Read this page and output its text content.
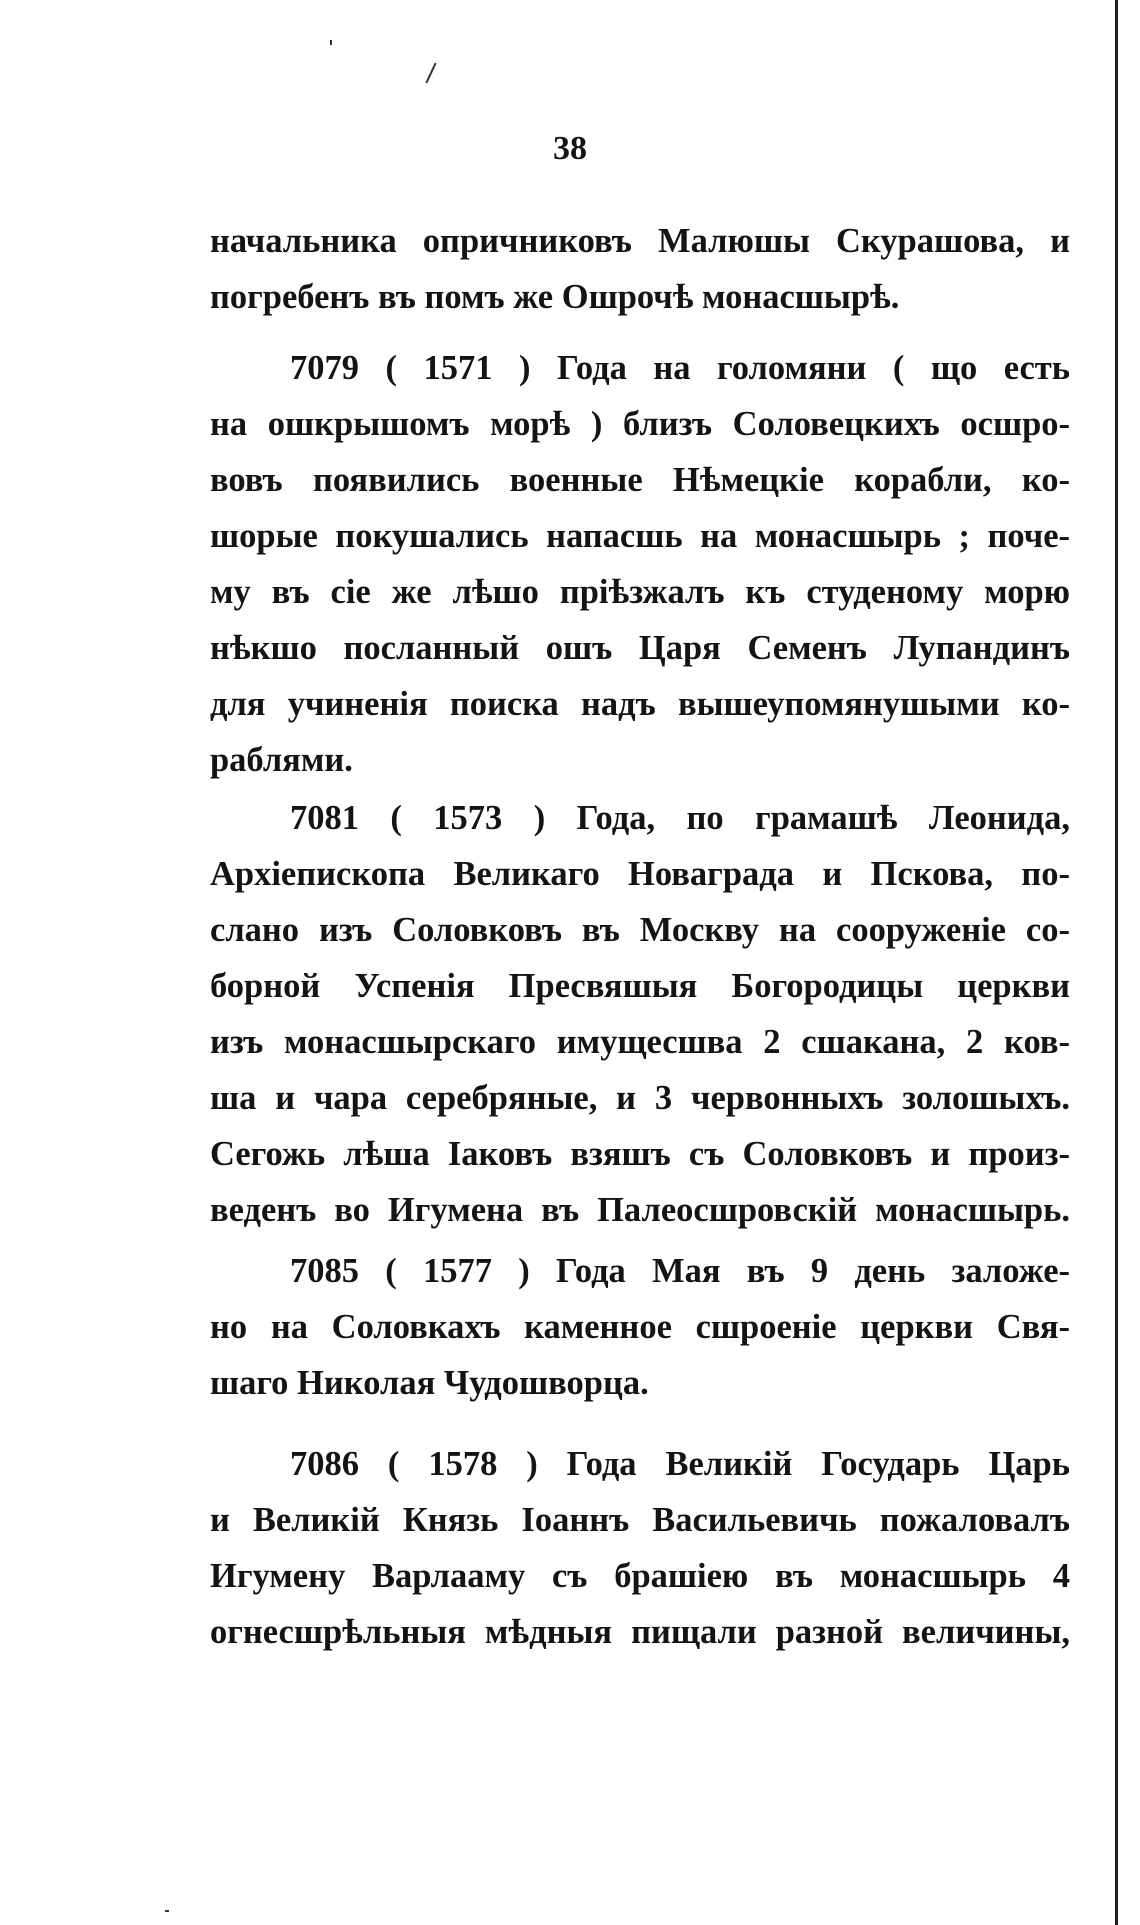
38
начальника опричниковъ Малюшы Скурашова, и
погребенъ въ помъ же Ошрочѣ монасшырѣ.
7079 ( 1571 ) Года на голомяни ( що есть
на ошкрышомъ морѣ ) близъ Соловецкихъ осшро-
вовъ появились военные Нѣмецкіе корабли, ко-
шорые покушались напасшь на монасшырь ; поче-
му въ сіе же лѣшо пріѣзжалъ къ студеному морю
нѣкшо посланный ошъ Царя Семенъ Лупандинъ
для учиненія поиска надъ вышеупомянушыми ко-
раблями.
7081 ( 1573 ) Года, по грамашѣ Леонида,
Архіепископа Великаго Новаграда и Пскова, по-
слано изъ Соловковъ въ Москву на сооруженіе со-
борной Успенія Пресвяшыя Богородицы церкви
изъ монасшырскаго имущесшва 2 сшакана, 2 ков-
ша и чара серебряные, и 3 червонныхъ золошыхъ.
Сегожь лѣша Іаковъ взяшъ съ Соловковъ и произ-
веденъ во Игумена въ Палеосшровскій монасшырь.
7085 ( 1577 ) Года Мая въ 9 день заложе-
но на Соловкахъ каменное сшроеніе церкви Свя-
шаго Николая Чудошворца.
7086 ( 1578 ) Года Великій Государь Царь
и Великій Князь Іоаннъ Васильевичь пожаловалъ
Игумену Варлааму съ брашіею въ монасшырь 4
огнесшрѣльныя мѣдныя пищали разной величины,
